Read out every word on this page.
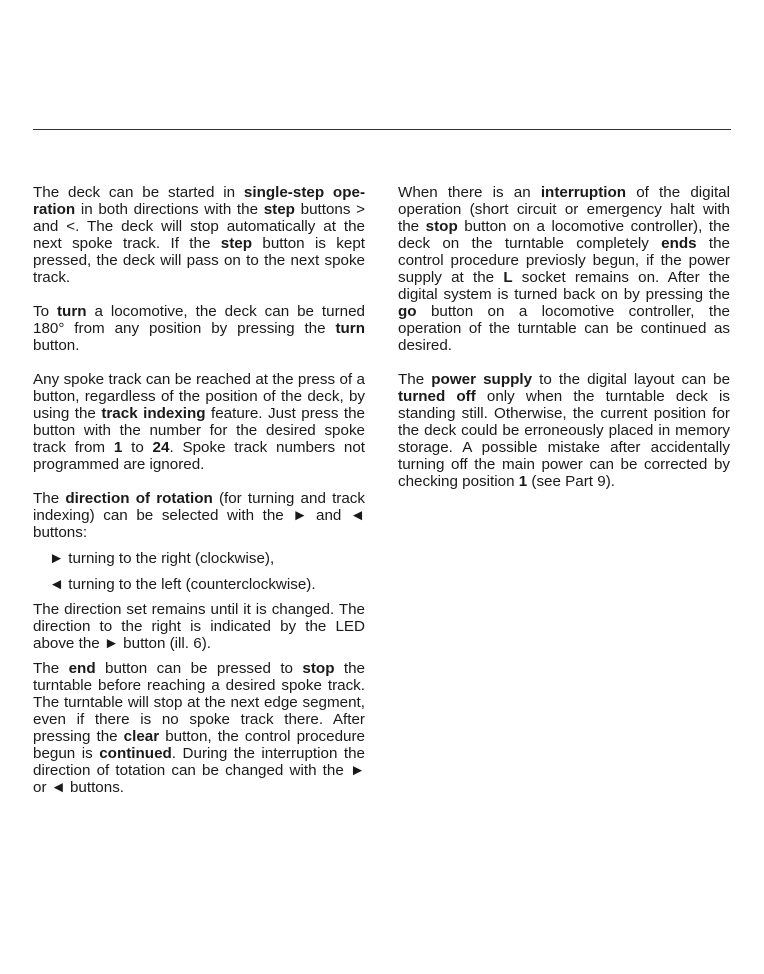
The deck can be started in single-step operation in both directions with the step buttons > and <. The deck will stop automatically at the next spoke track. If the step button is kept pressed, the deck will pass on to the next spoke track.

To turn a locomotive, the deck can be turned 180° from any position by pressing the turn button.

Any spoke track can be reached at the press of a button, regardless of the position of the deck, by using the track indexing feature. Just press the button with the number for the desired spoke track from 1 to 24. Spoke track numbers not programmed are ignored.

The direction of rotation (for turning and track indexing) can be selected with the ► and ◄ buttons:

► turning to the right (clockwise),

◄ turning to the left (counterclockwise).

The direction set remains until it is changed. The direction to the right is indicated by the LED above the ► button (ill. 6).

The end button can be pressed to stop the turntable before reaching a desired spoke track. The turntable will stop at the next edge segment, even if there is no spoke track there. After pressing the clear button, the control procedure begun is continued. During the interruption the direction of totation can be changed with the ► or ◄ buttons.

When there is an interruption of the digital operation (short circuit or emergency halt with the stop button on a locomotive controller), the deck on the turntable completely ends the control procedure previosly begun, if the power supply at the L socket remains on. After the digital system is turned back on by pressing the go button on a locomotive controller, the operation of the turntable can be continued as desired.

The power supply to the digital layout can be turned off only when the turntable deck is standing still. Otherwise, the current position for the deck could be erroneously placed in memory storage. A possible mistake after accidentally turning off the main power can be corrected by checking position 1 (see Part 9).
